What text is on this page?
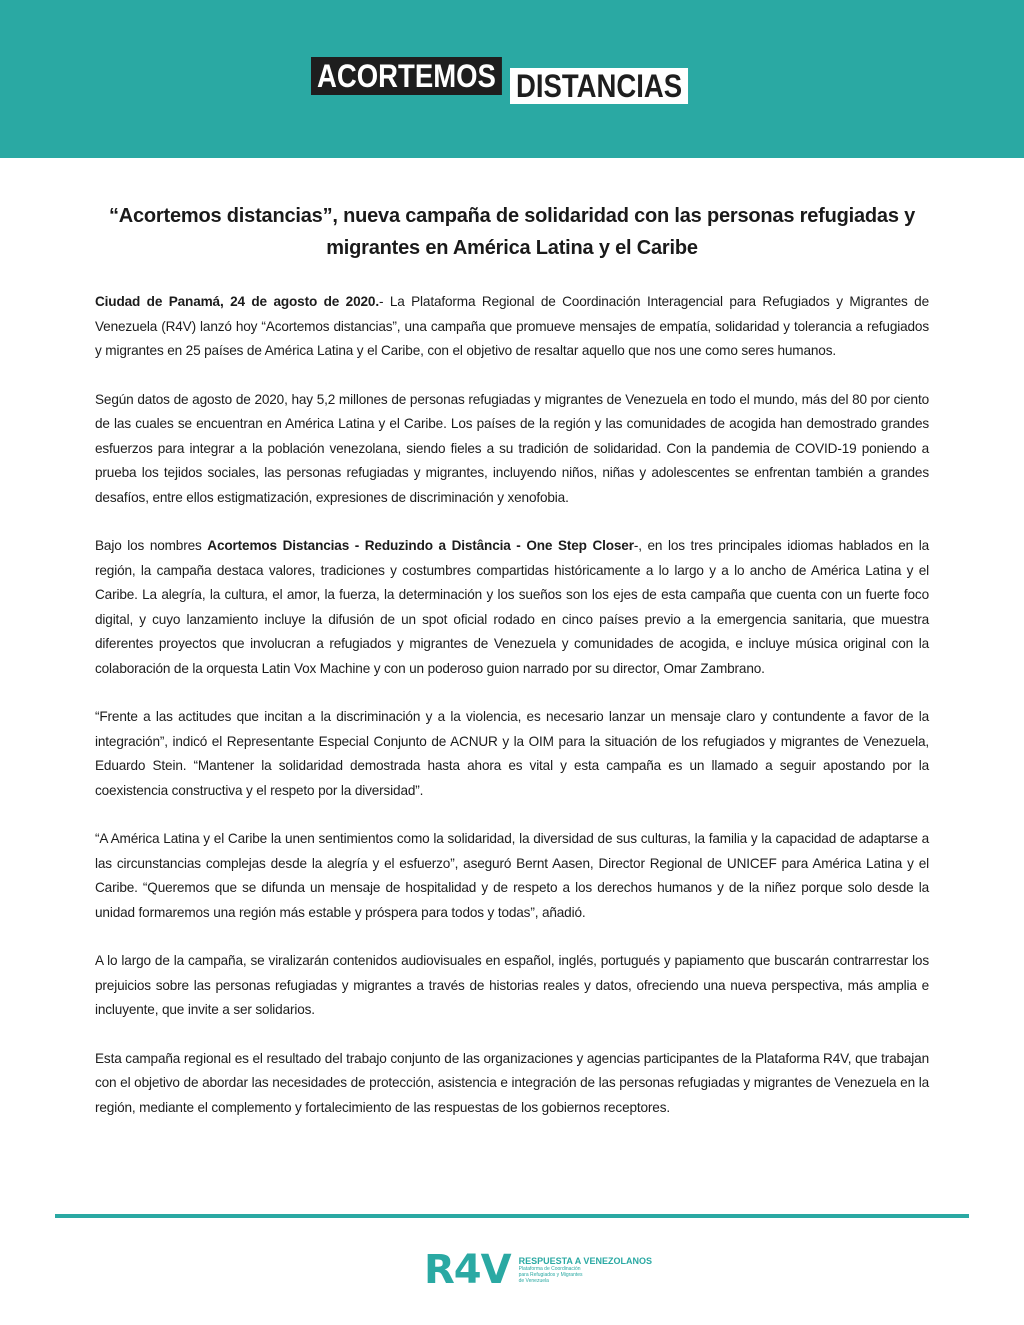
ACORTEMOS DISTANCIAS
“Acortemos distancias”, nueva campaña de solidaridad con las personas refugiadas y migrantes en América Latina y el Caribe

Ciudad de Panamá, 24 de agosto de 2020.- La Plataforma Regional de Coordinación Interagencial para Refugiados y Migrantes de Venezuela (R4V) lanzó hoy “Acortemos distancias”, una campaña que promueve mensajes de empatía, solidaridad y tolerancia a refugiados y migrantes en 25 países de América Latina y el Caribe, con el objetivo de resaltar aquello que nos une como seres humanos.

Según datos de agosto de 2020, hay 5,2 millones de personas refugiadas y migrantes de Venezuela en todo el mundo, más del 80 por ciento de las cuales se encuentran en América Latina y el Caribe. Los países de la región y las comunidades de acogida han demostrado grandes esfuerzos para integrar a la población venezolana, siendo fieles a su tradición de solidaridad. Con la pandemia de COVID-19 poniendo a prueba los tejidos sociales, las personas refugiadas y migrantes, incluyendo niños, niñas y adolescentes se enfrentan también a grandes desafíos, entre ellos estigmatización, expresiones de discriminación y xenofobia.

Bajo los nombres Acortemos Distancias - Reduzindo a Distância - One Step Closer-, en los tres principales idiomas hablados en la región, la campaña destaca valores, tradiciones y costumbres compartidas históricamente a lo largo y a lo ancho de América Latina y el Caribe. La alegría, la cultura, el amor, la fuerza, la determinación y los sueños son los ejes de esta campaña que cuenta con un fuerte foco digital, y cuyo lanzamiento incluye la difusión de un spot oficial rodado en cinco países previo a la emergencia sanitaria, que muestra diferentes proyectos que involucran a refugiados y migrantes de Venezuela y comunidades de acogida, e incluye música original con la colaboración de la orquesta Latin Vox Machine y con un poderoso guion narrado por su director, Omar Zambrano.

“Frente a las actitudes que incitan a la discriminación y a la violencia, es necesario lanzar un mensaje claro y contundente a favor de la integración”, indicó el Representante Especial Conjunto de ACNUR y la OIM para la situación de los refugiados y migrantes de Venezuela, Eduardo Stein. “Mantener la solidaridad demostrada hasta ahora es vital y esta campaña es un llamado a seguir apostando por la coexistencia constructiva y el respeto por la diversidad”.

“A América Latina y el Caribe la unen sentimientos como la solidaridad, la diversidad de sus culturas, la familia y la capacidad de adaptarse a las circunstancias complejas desde la alegría y el esfuerzo”, aseguró Bernt Aasen, Director Regional de UNICEF para América Latina y el Caribe. “Queremos que se difunda un mensaje de hospitalidad y de respeto a los derechos humanos y de la niñez porque solo desde la unidad formaremos una región más estable y próspera para todos y todas”, añadió.

A lo largo de la campaña, se viralizarán contenidos audiovisuales en español, inglés, portugués y papiamento que buscarán contrarrestar los prejuicios sobre las personas refugiadas y migrantes a través de historias reales y datos, ofreciendo una nueva perspectiva, más amplia e incluyente, que invite a ser solidarios.

Esta campaña regional es el resultado del trabajo conjunto de las organizaciones y agencias participantes de la Plataforma R4V, que trabajan con el objetivo de abordar las necesidades de protección, asistencia e integración de las personas refugiadas y migrantes de Venezuela en la región, mediante el complemento y fortalecimiento de las respuestas de los gobiernos receptores.

R4V RESPUESTA A VENEZOLANOS
Plataforma de Coordinación para Refugiados y Migrantes de Venezuela
